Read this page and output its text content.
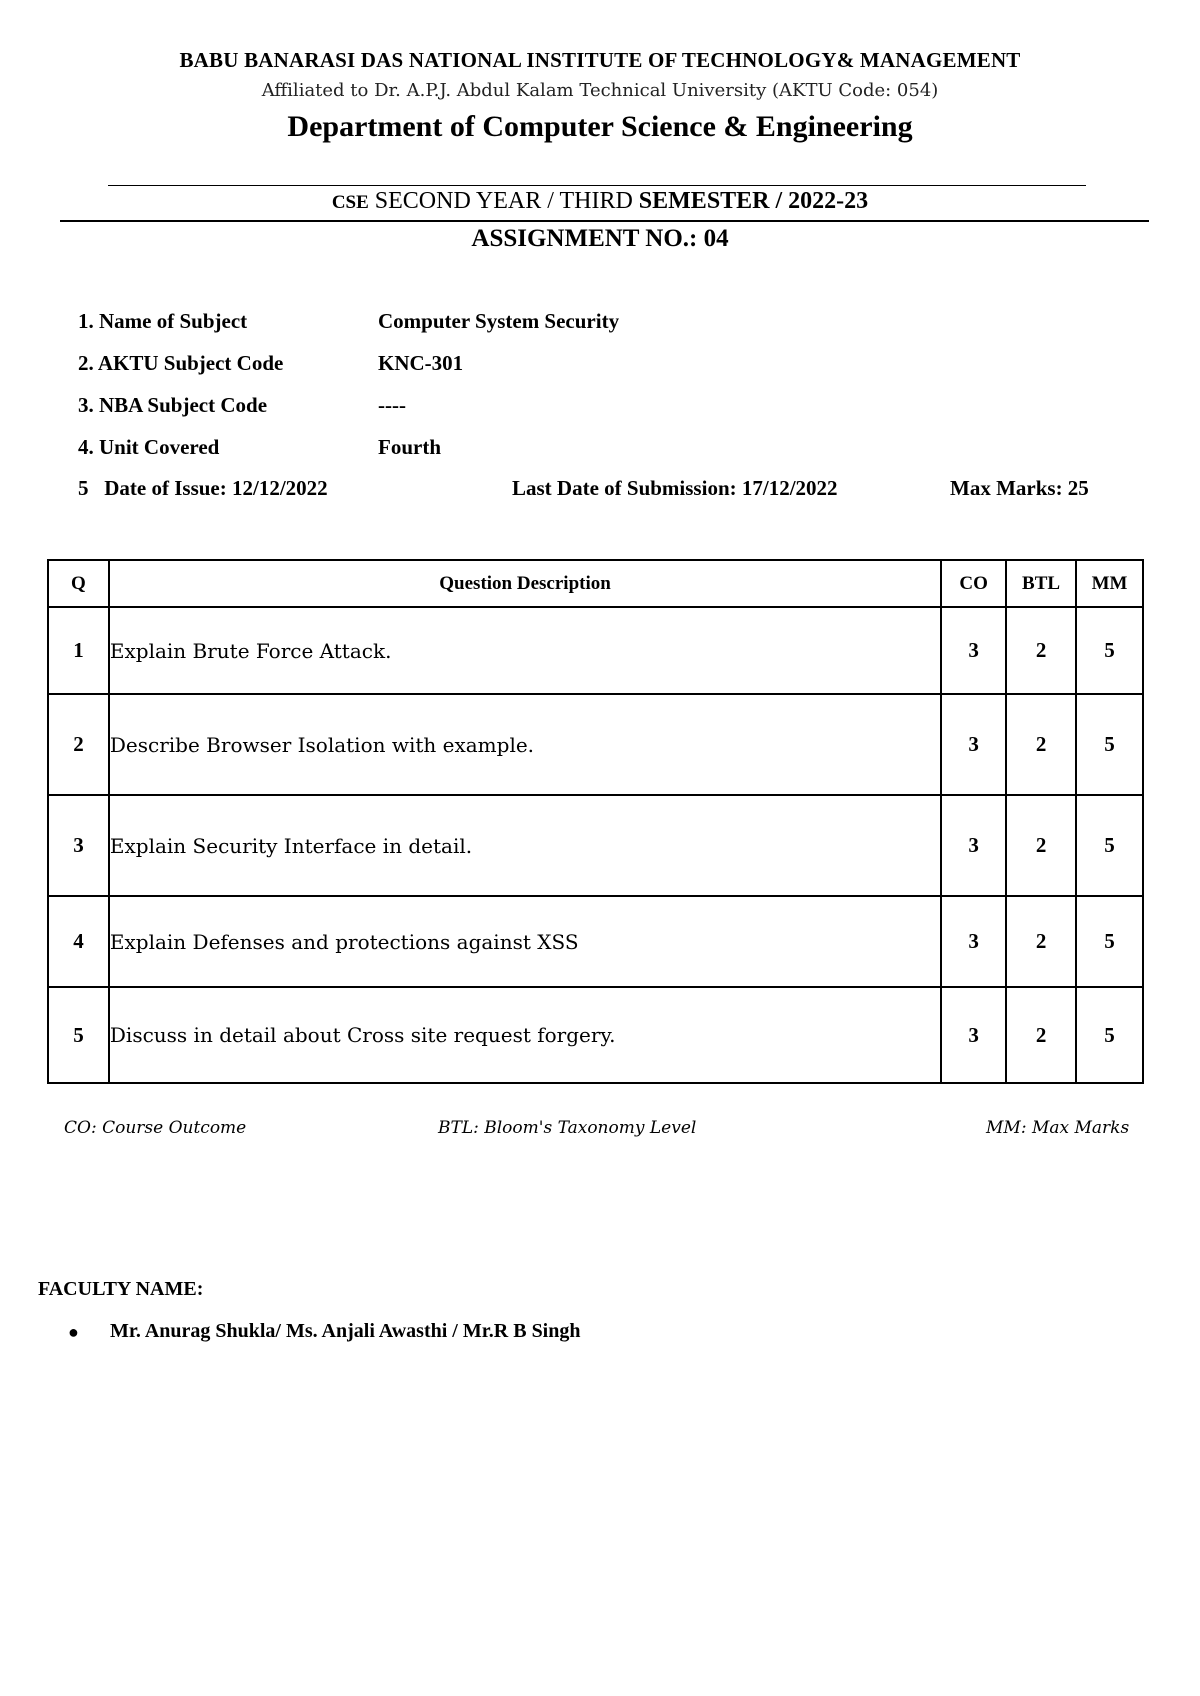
BABU BANARASI DAS NATIONAL INSTITUTE OF TECHNOLOGY& MANAGEMENT
Affiliated to Dr. A.P.J. Abdul Kalam Technical University (AKTU Code: 054)
Department of Computer Science & Engineering
CSE SECOND YEAR / THIRD SEMESTER / 2022-23
ASSIGNMENT NO.: 04
1. Name of Subject	Computer System Security
2. AKTU Subject Code	KNC-301
3. NBA Subject Code	----
4. Unit Covered	Fourth
5   Date of Issue: 12/12/2022	Last Date of Submission: 17/12/2022	Max Marks: 25
Q	Question Description	CO	BTL	MM
1	Explain Brute Force Attack.	3	2	5
2	Describe Browser Isolation with example.	3	2	5
3	Explain Security Interface in detail.	3	2	5
4	Explain Defenses and protections against XSS	3	2	5
5	Discuss in detail about Cross site request forgery.	3	2	5
CO: Course Outcome	BTL: Bloom's Taxonomy Level	MM: Max Marks
FACULTY NAME:
● Mr. Anurag Shukla/ Ms. Anjali Awasthi / Mr.R B Singh
